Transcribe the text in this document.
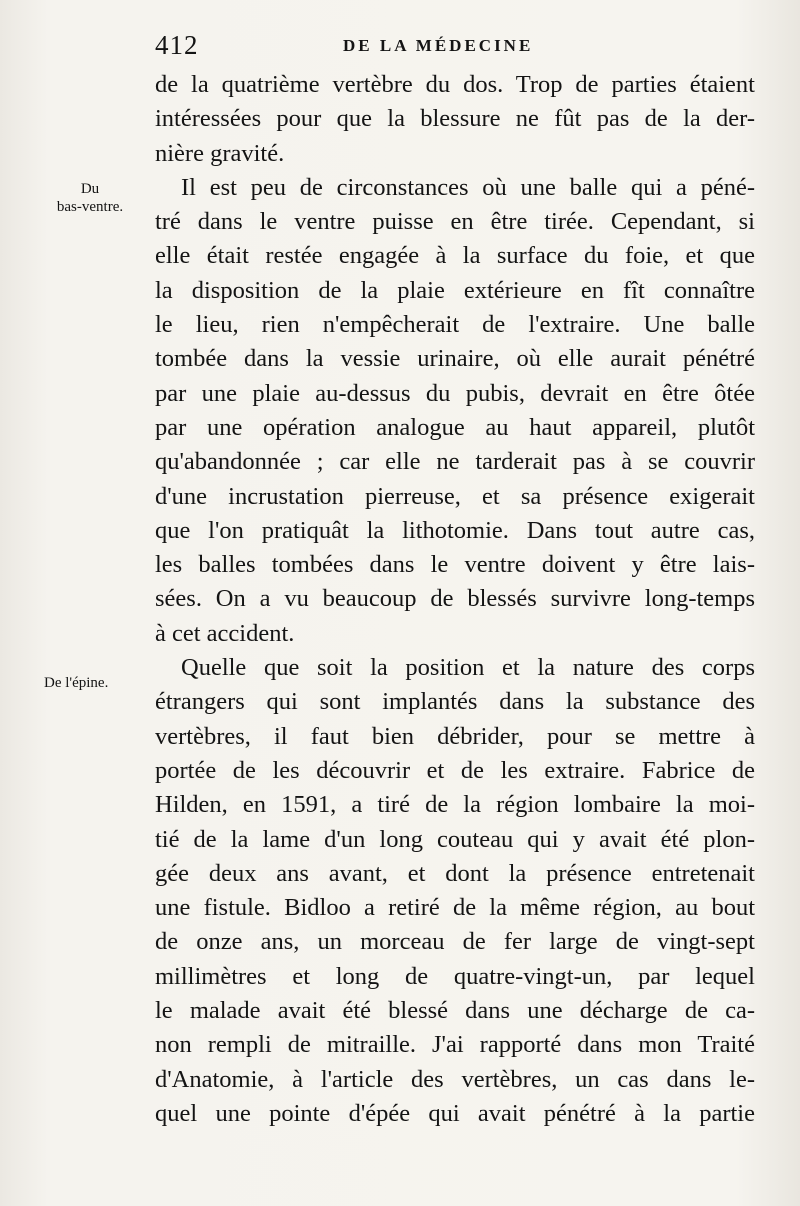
412	DE LA MÉDECINE
Du
bas-ventre.
De l'épine.
de la quatrième vertèbre du dos. Trop de parties étaient
intéressées pour que la blessure ne fût pas de la der-
nière gravité.
Il est peu de circonstances où une balle qui a péné-
tré dans le ventre puisse en être tirée. Cependant, si
elle était restée engagée à la surface du foie, et que
la disposition de la plaie extérieure en fît connaître
le lieu, rien n'empêcherait de l'extraire. Une balle
tombée dans la vessie urinaire, où elle aurait pénétré
par une plaie au-dessus du pubis, devrait en être ôtée
par une opération analogue au haut appareil, plutôt
qu'abandonnée ; car elle ne tarderait pas à se couvrir
d'une incrustation pierreuse, et sa présence exigerait
que l'on pratiquât la lithotomie. Dans tout autre cas,
les balles tombées dans le ventre doivent y être lais-
sées. On a vu beaucoup de blessés survivre long-temps
à cet accident.
Quelle que soit la position et la nature des corps
étrangers qui sont implantés dans la substance des
vertèbres, il faut bien débrider, pour se mettre à
portée de les découvrir et de les extraire. Fabrice de
Hilden, en 1591, a tiré de la région lombaire la moi-
tié de la lame d'un long couteau qui y avait été plon-
gée deux ans avant, et dont la présence entretenait
une fistule. Bidloo a retiré de la même région, au bout
de onze ans, un morceau de fer large de vingt-sept
millimètres et long de quatre-vingt-un, par lequel
le malade avait été blessé dans une décharge de ca-
non rempli de mitraille. J'ai rapporté dans mon Traité
d'Anatomie, à l'article des vertèbres, un cas dans le-
quel une pointe d'épée qui avait pénétré à la partie
